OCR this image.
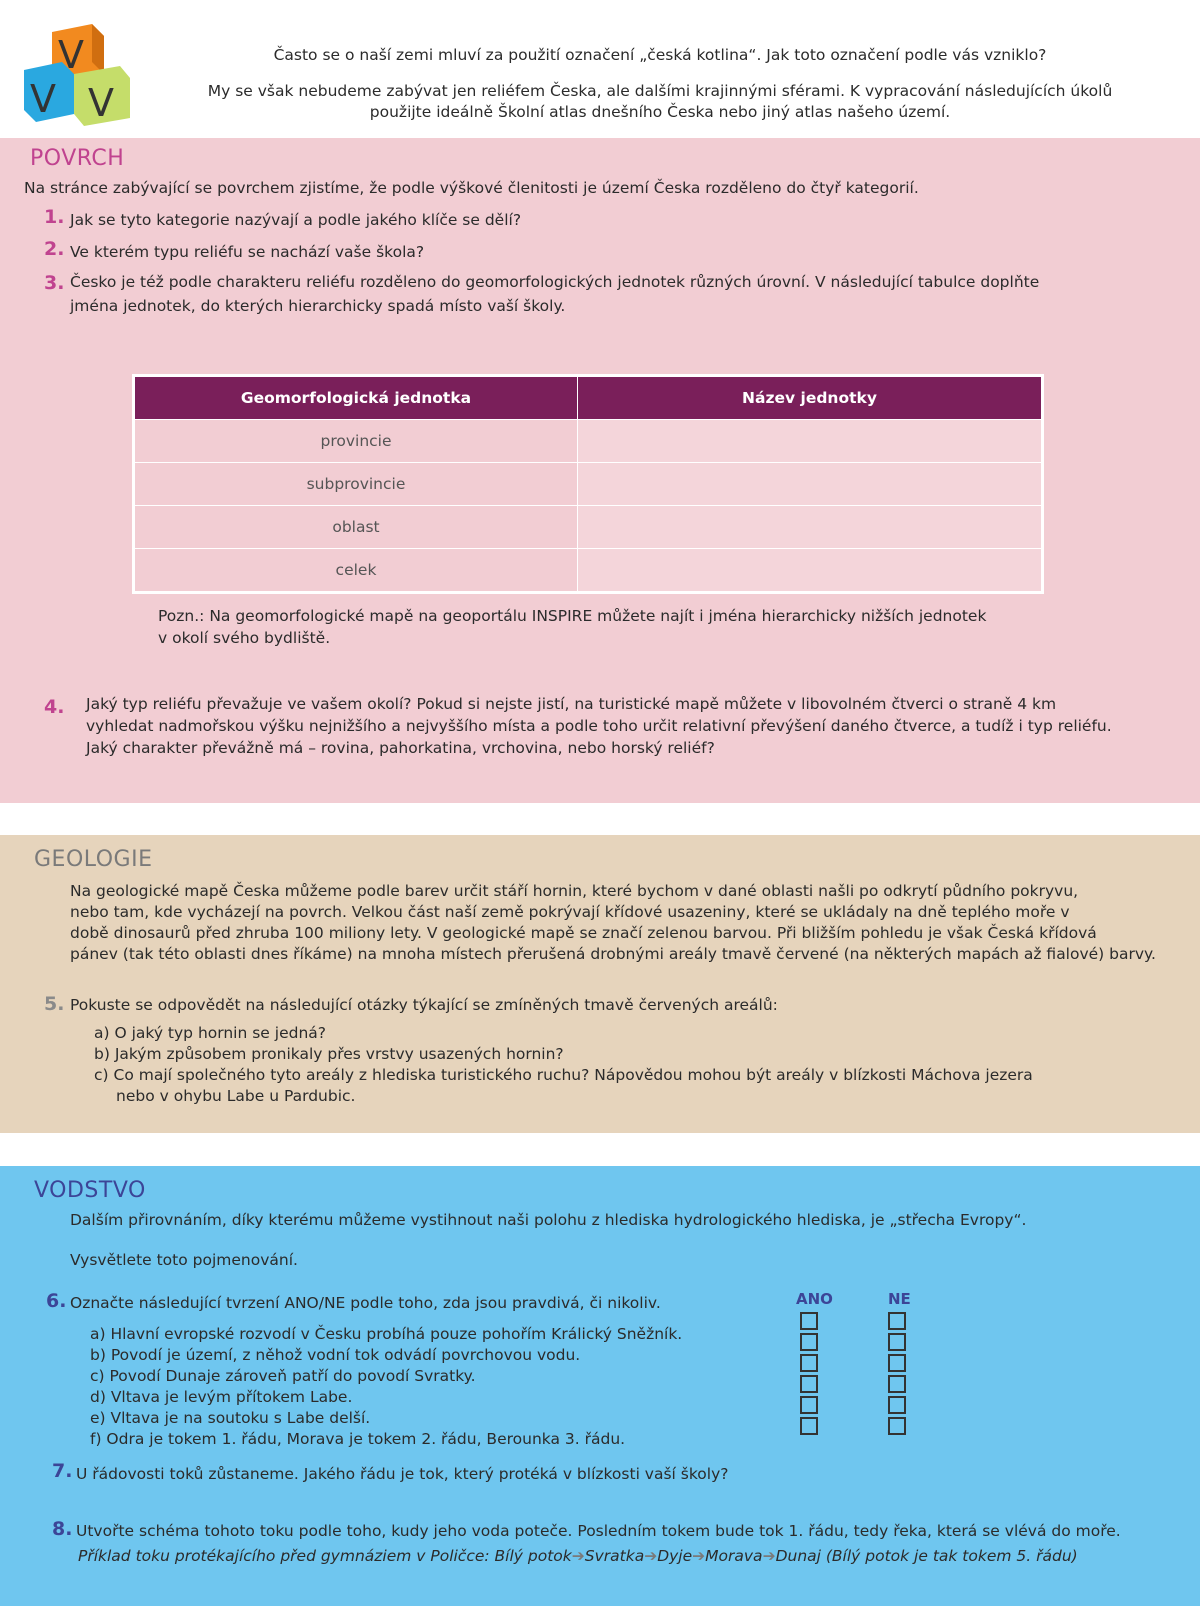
V
V V
Často se o naší zemi mluví za použití označení „česká kotlina“. Jak toto označení podle vás vzniklo?
My se však nebudeme zabývat jen reliéfem Česka, ale dalšími krajinnými sférami. K vypracování následujících úkolů
použijte ideálně Školní atlas dnešního Česka nebo jiný atlas našeho území.
POVRCH
Na stránce zabývající se povrchem zjistíme, že podle výškové členitosti je území Česka rozděleno do čtyř kategorií.
1. Jak se tyto kategorie nazývají a podle jakého klíče se dělí?
2. Ve kterém typu reliéfu se nachází vaše škola?
3. Česko je též podle charakteru reliéfu rozděleno do geomorfologických jednotek různých úrovní. V následující tabulce doplňte
jména jednotek, do kterých hierarchicky spadá místo vaší školy.
Geomorfologická jednotka	Název jednotky
provincie	
subprovincie	
oblast	
celek	
Pozn.: Na geomorfologické mapě na geoportálu INSPIRE můžete najít i jména hierarchicky nižších jednotek
v okolí svého bydliště.
4. Jaký typ reliéfu převažuje ve vašem okolí? Pokud si nejste jistí, na turistické mapě můžete v libovolném čtverci o straně 4 km
vyhledat nadmořskou výšku nejnižšího a nejvyššího místa a podle toho určit relativní převýšení daného čtverce, a tudíž i typ reliéfu.
Jaký charakter převážně má – rovina, pahorkatina, vrchovina, nebo horský reliéf?
GEOLOGIE
Na geologické mapě Česka můžeme podle barev určit stáří hornin, které bychom v dané oblasti našli po odkrytí půdního pokryvu,
nebo tam, kde vycházejí na povrch. Velkou část naší země pokrývají křídové usazeniny, které se ukládaly na dně teplého moře v
době dinosaurů před zhruba 100 miliony lety. V geologické mapě se značí zelenou barvou. Při bližším pohledu je však Česká křídová
pánev (tak této oblasti dnes říkáme) na mnoha místech přerušená drobnými areály tmavě červené (na některých mapách až fialové) barvy.
5. Pokuste se odpovědět na následující otázky týkající se zmíněných tmavě červených areálů:
a) O jaký typ hornin se jedná?
b) Jakým způsobem pronikaly přes vrstvy usazených hornin?
c) Co mají společného tyto areály z hlediska turistického ruchu? Nápovědou mohou být areály v blízkosti Máchova jezera
nebo v ohybu Labe u Pardubic.
VODSTVO
Dalším přirovnáním, díky kterému můžeme vystihnout naši polohu z hlediska hydrologického hlediska, je „střecha Evropy“.
Vysvětlete toto pojmenování.
6. Označte následující tvrzení ANO/NE podle toho, zda jsou pravdivá, či nikoliv.	ANO	NE
a) Hlavní evropské rozvodí v Česku probíhá pouze pohořím Králický Sněžník.
b) Povodí je území, z něhož vodní tok odvádí povrchovou vodu.
c) Povodí Dunaje zároveň patří do povodí Svratky.
d) Vltava je levým přítokem Labe.
e) Vltava je na soutoku s Labe delší.
f) Odra je tokem 1. řádu, Morava je tokem 2. řádu, Berounka 3. řádu.
7. U řádovosti toků zůstaneme. Jakého řádu je tok, který protéká v blízkosti vaší školy?
8. Utvořte schéma tohoto toku podle toho, kudy jeho voda poteče. Posledním tokem bude tok 1. řádu, tedy řeka, která se vlévá do moře.
Příklad toku protékajícího před gymnáziem v Poličce: Bílý potok➔Svratka➔Dyje➔Morava➔Dunaj (Bílý potok je tak tokem 5. řádu)
